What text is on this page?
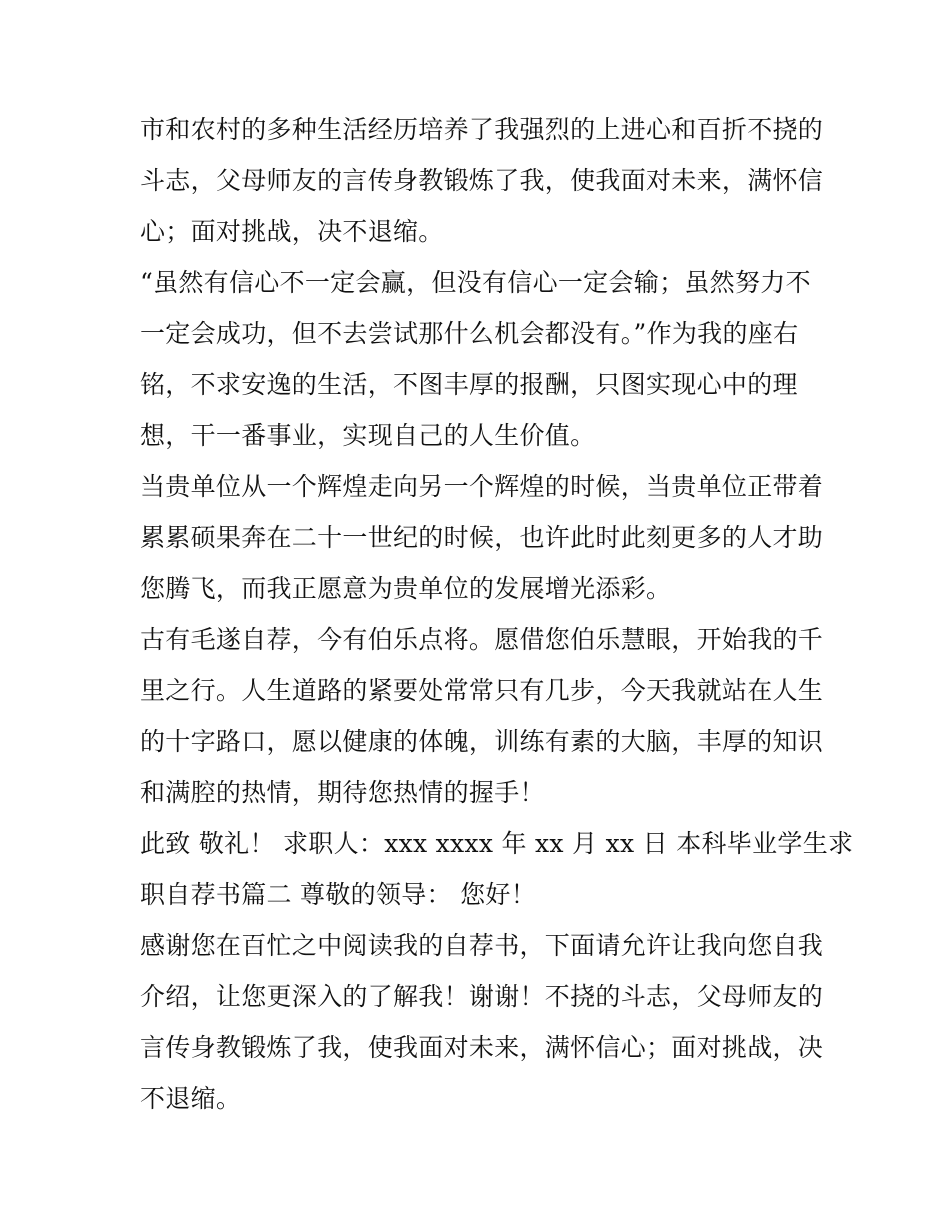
市和农村的多种生活经历培养了我强烈的上进心和百折不挠的
斗志，父母师友的言传身教锻炼了我，使我面对未来，满怀信
心；面对挑战，决不退缩。
“虽然有信心不一定会赢，但没有信心一定会输；虽然努力不
一定会成功，但不去尝试那什么机会都没有。”作为我的座右
铭，不求安逸的生活，不图丰厚的报酬，只图实现心中的理
想，干一番事业，实现自己的人生价值。
当贵单位从一个辉煌走向另一个辉煌的时候，当贵单位正带着
累累硕果奔在二十一世纪的时候，也许此时此刻更多的人才助
您腾飞，而我正愿意为贵单位的发展增光添彩。
古有毛遂自荐，今有伯乐点将。愿借您伯乐慧眼，开始我的千
里之行。人生道路的紧要处常常只有几步，今天我就站在人生
的十字路口，愿以健康的体魄，训练有素的大脑，丰厚的知识
和满腔的热情，期待您热情的握手！
此致 敬礼！ 求职人：xxx xxxx 年 xx 月 xx 日 本科毕业学生求
职自荐书篇二 尊敬的领导： 您好！
感谢您在百忙之中阅读我的自荐书，下面请允许让我向您自我
介绍，让您更深入的了解我！谢谢！不挠的斗志，父母师友的
言传身教锻炼了我，使我面对未来，满怀信心；面对挑战，决
不退缩。
